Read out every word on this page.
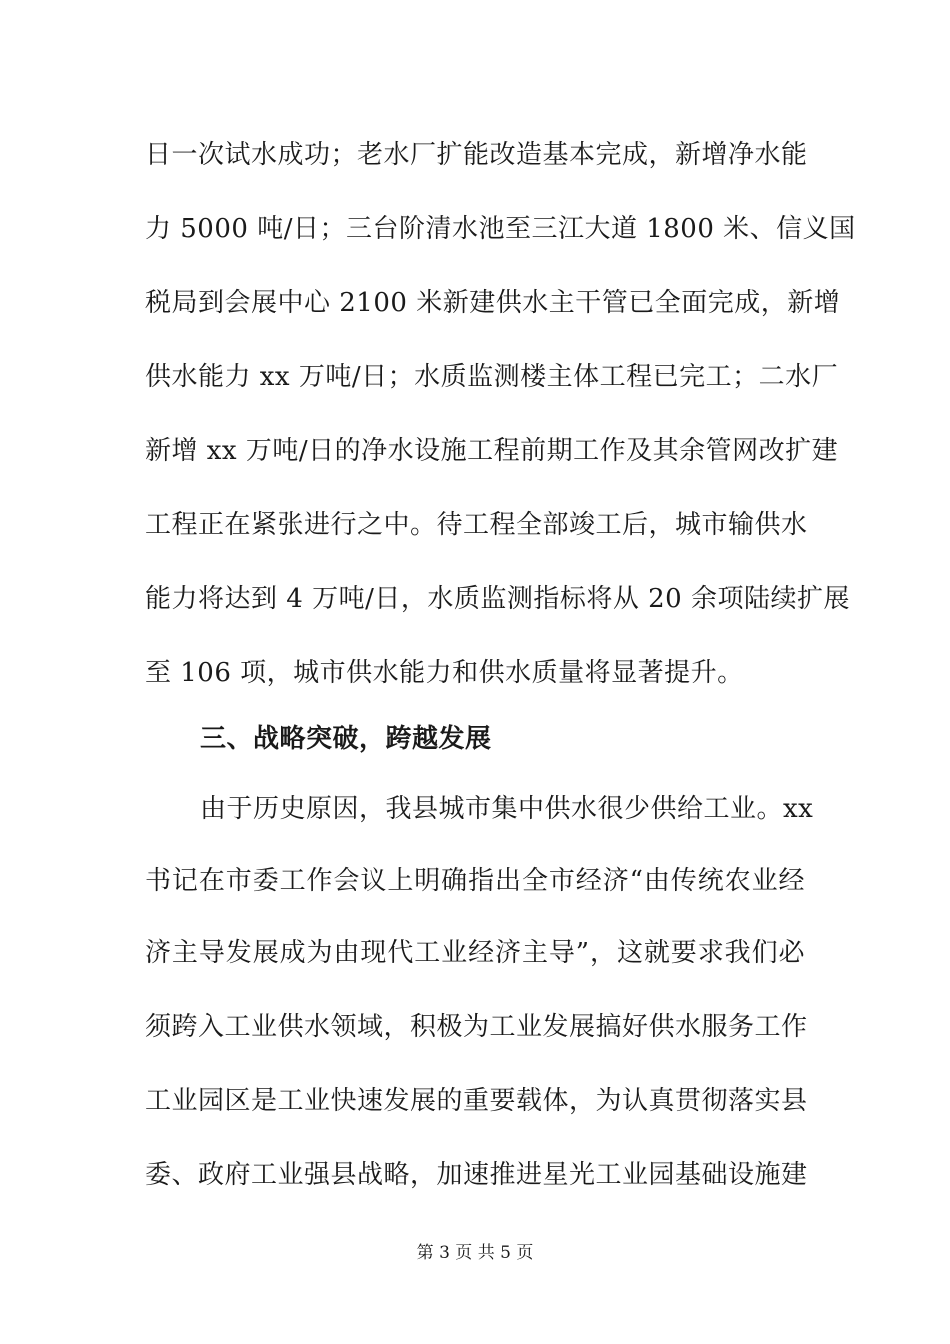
日一次试水成功；老水厂扩能改造基本完成，新增净水能
力 5000 吨/日；三台阶清水池至三江大道 1800 米、信义国
税局到会展中心 2100 米新建供水主干管已全面完成，新增
供水能力 xx 万吨/日；水质监测楼主体工程已完工；二水厂
新增 xx 万吨/日的净水设施工程前期工作及其余管网改扩建
工程正在紧张进行之中。待工程全部竣工后，城市输供水
能力将达到 4 万吨/日，水质监测指标将从 20 余项陆续扩展
至 106 项，城市供水能力和供水质量将显著提升。
三、战略突破，跨越发展
由于历史原因，我县城市集中供水很少供给工业。xx
书记在市委工作会议上明确指出全市经济“由传统农业经
济主导发展成为由现代工业经济主导”，这就要求我们必
须跨入工业供水领域，积极为工业发展搞好供水服务工作
工业园区是工业快速发展的重要载体，为认真贯彻落实县
委、政府工业强县战略，加速推进星光工业园基础设施建
第 3 页 共 5 页
